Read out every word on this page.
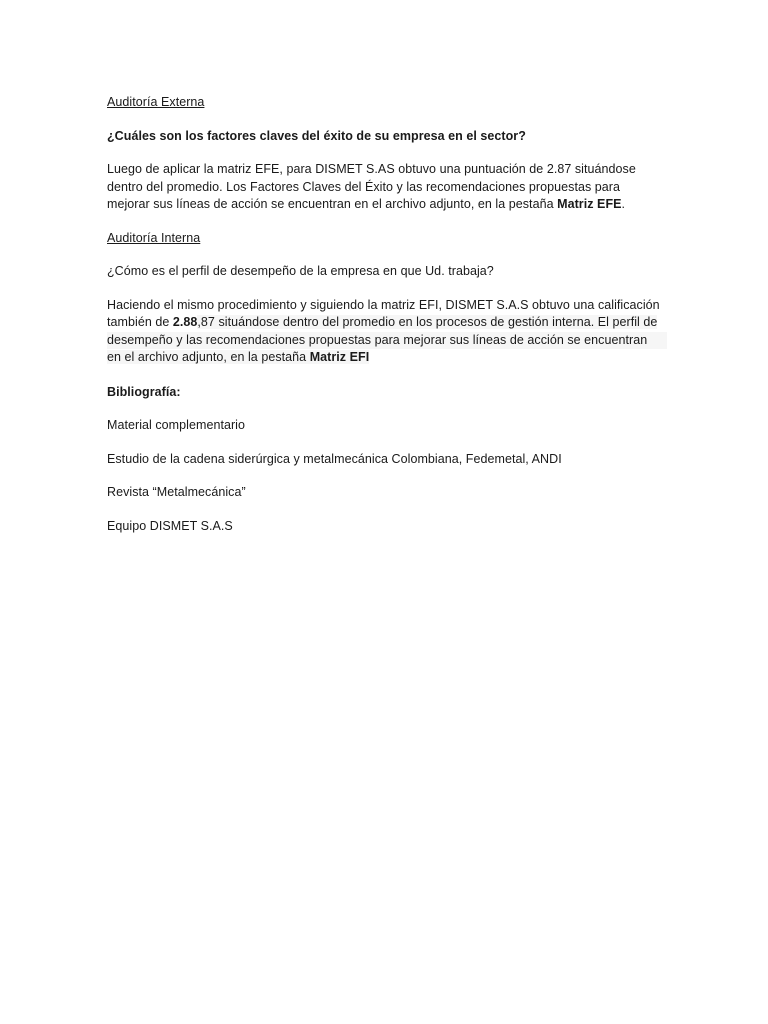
Auditoría Externa

¿Cuáles son los factores claves del éxito de su empresa en el sector?

Luego de aplicar la matriz EFE, para DISMET S.AS obtuvo una puntuación de 2.87 situándose

dentro del promedio. Los Factores Claves del Éxito y las recomendaciones propuestas para

mejorar sus líneas de acción se encuentran en el archivo adjunto, en la pestaña Matriz EFE.

Auditoría Interna

¿Cómo es el perfil de desempeño de la empresa en que Ud. trabaja?

Haciendo el mismo procedimiento y siguiendo la matriz EFI, DISMET S.A.S obtuvo una calificación

también de 2.88,87 situándose dentro del promedio en los procesos de gestión interna. El perfil de

desempeño y las recomendaciones propuestas para mejorar sus líneas de acción se encuentran

en el archivo adjunto, en la pestaña Matriz EFI

Bibliografía:

Material complementario

Estudio de la cadena siderúrgica y metalmecánica Colombiana, Fedemetal, ANDI

Revista “Metalmecánica”

Equipo DISMET S.A.S
